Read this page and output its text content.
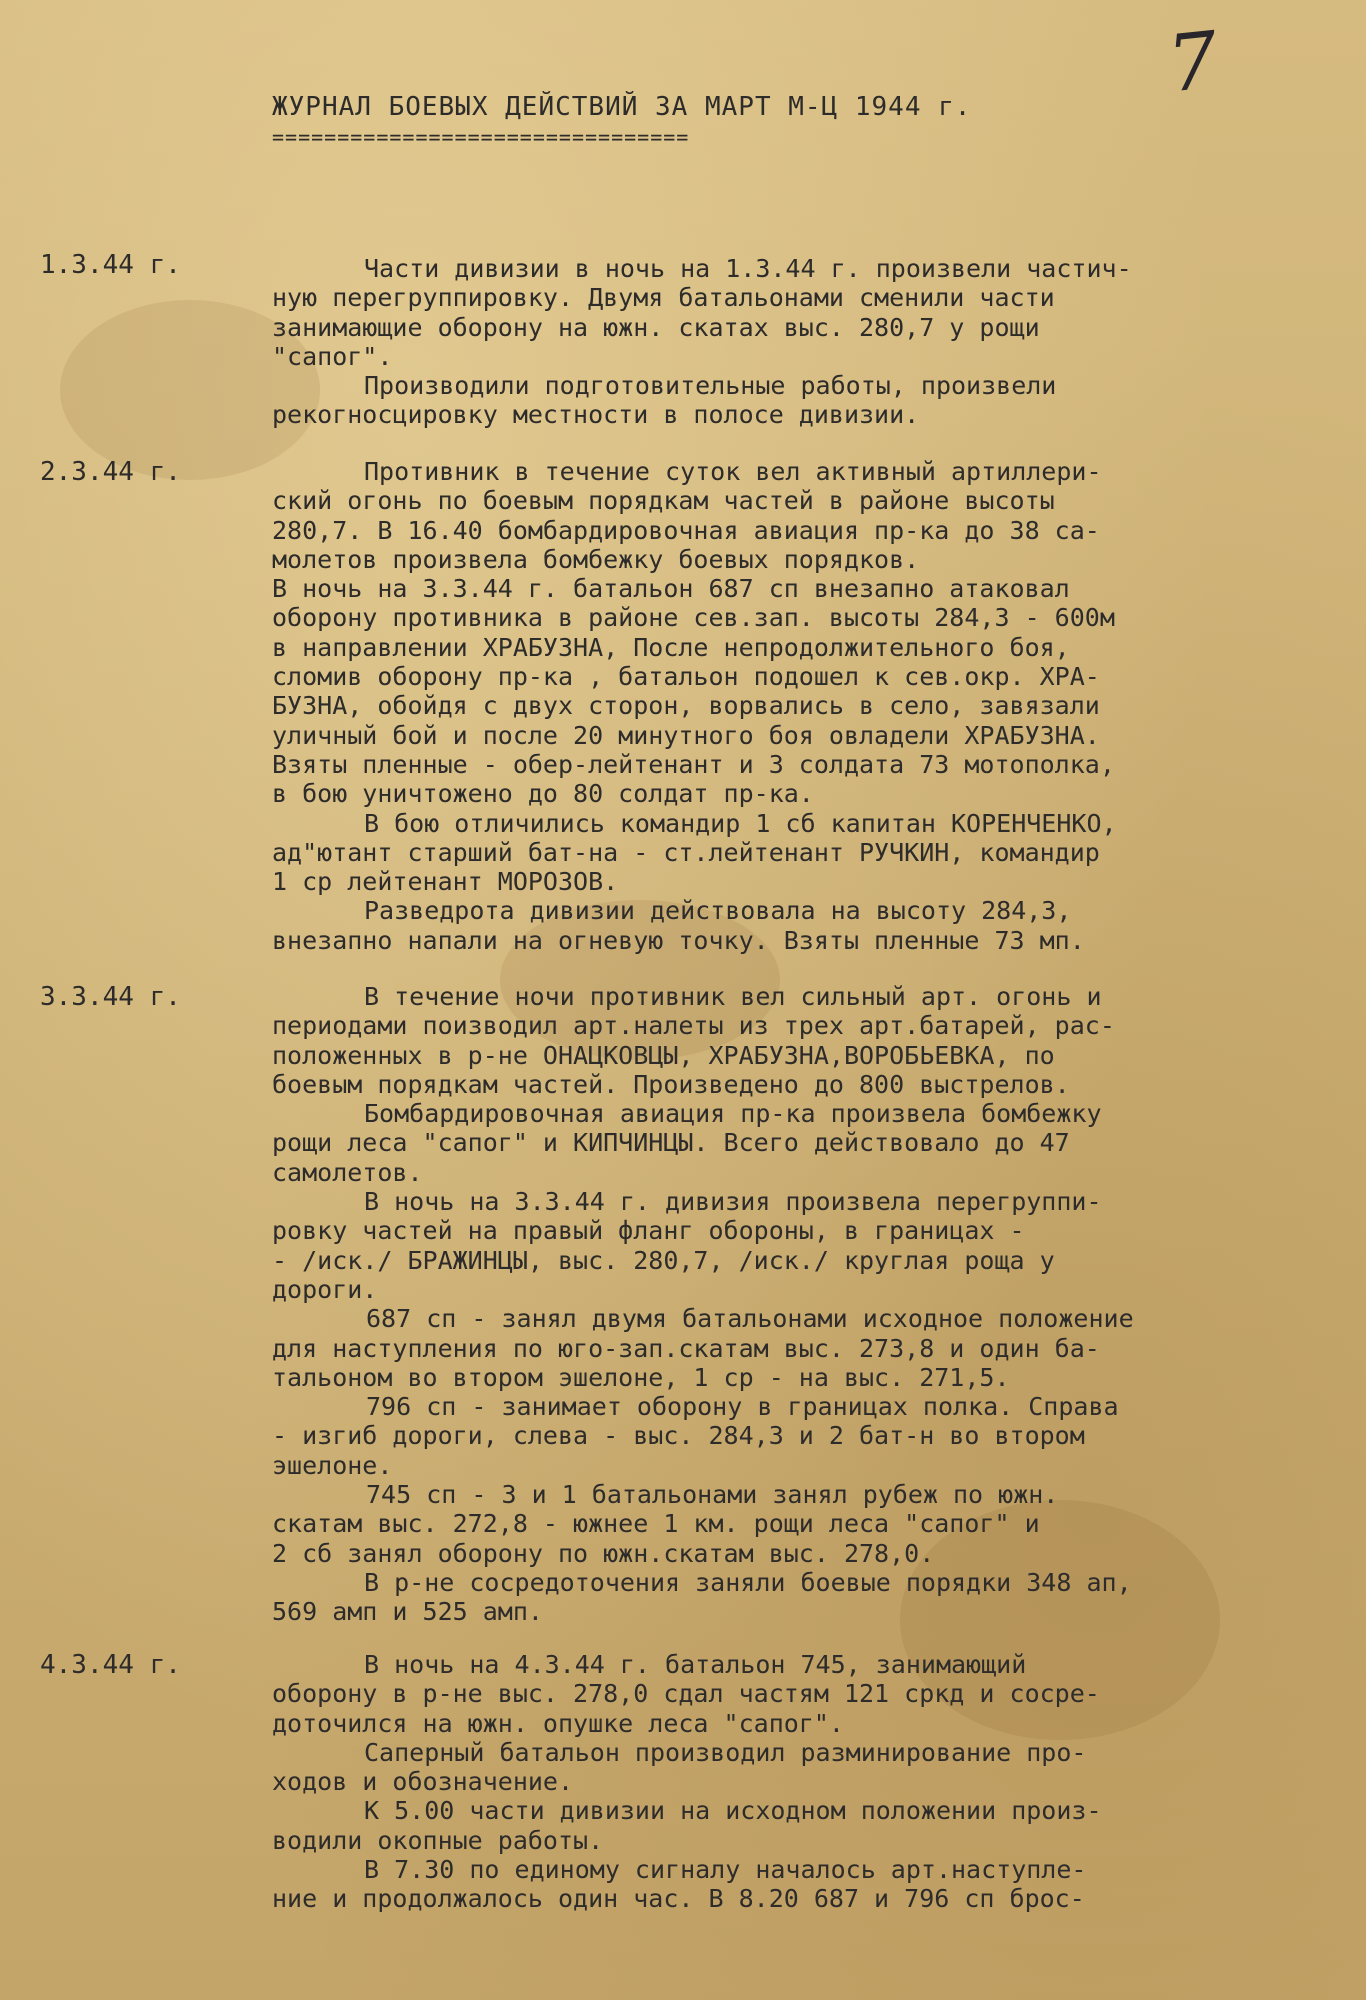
7
ЖУРНАЛ БОЕВЫХ ДЕЙСТВИЙ ЗА МАРТ М-Ц 1944 г.
================================
1.3.44 г.	Части дивизии в ночь на 1.3.44 г. произвели частич-
ную перегруппировку. Двумя батальонами сменили части
занимающие оборону на южн. скатах выс. 280,7 у рощи
"сапог".
Производили подготовительные работы, произвели
рекогносцировку местности в полосе дивизии.
2.3.44 г.	Противник в течение суток вел активный артиллери-
ский огонь по боевым порядкам частей в районе высоты
280,7. В 16.40 бомбардировочная авиация пр-ка до 38 са-
молетов произвела бомбежку боевых порядков.
В ночь на 3.3.44 г. батальон 687 сп внезапно атаковал
оборону противника в районе сев.зап. высоты 284,3 - 600м
в направлении ХРАБУЗНА, После непродолжительного боя,
сломив оборону пр-ка , батальон подошел к сев.окр. ХРА-
БУЗНА, обойдя с двух сторон, ворвались в село, завязали
уличный бой и после 20 минутного боя овладели ХРАБУЗНА.
Взяты пленные - обер-лейтенант и 3 солдата 73 мотополка,
в бою уничтожено до 80 солдат пр-ка.
В бою отличились командир 1 сб капитан КОРЕНЧЕНКО,
ад"ютант старший бат-на - ст.лейтенант РУЧКИН, командир
1 ср лейтенант МОРОЗОВ.
Разведрота дивизии действовала на высоту 284,3,
внезапно напали на огневую точку. Взяты пленные 73 мп.
3.3.44 г.	В течение ночи противник вел сильный арт. огонь и
периодами поизводил арт.налеты из трех арт.батарей, рас-
положенных в р-не ОНАЦКОВЦЫ, ХРАБУЗНА,ВОРОБЬЕВКА, по
боевым порядкам частей. Произведено до 800 выстрелов.
Бомбардировочная авиация пр-ка произвела бомбежку
рощи леса "сапог" и КИПЧИНЦЫ. Всего действовало до 47
самолетов.
В ночь на 3.3.44 г. дивизия произвела перегруппи-
ровку частей на правый фланг обороны, в границах -
- /иск./ БРАЖИНЦЫ, выс. 280,7, /иск./ круглая роща у
дороги.
687 сп - занял двумя батальонами исходное положение
для наступления по юго-зап.скатам выс. 273,8 и один ба-
тальоном во втором эшелоне, 1 ср - на выс. 271,5.
796 сп - занимает оборону в границах полка. Справа
- изгиб дороги, слева - выс. 284,3 и 2 бат-н во втором
эшелоне.
745 сп - 3 и 1 батальонами занял рубеж по южн.
скатам выс. 272,8 - южнее 1 км. рощи леса "сапог" и
2 сб занял оборону по южн.скатам выс. 278,0.
В р-не сосредоточения заняли боевые порядки 348 ап,
569 амп и 525 амп.
4.3.44 г.	В ночь на 4.3.44 г. батальон 745, занимающий
оборону в р-не выс. 278,0 сдал частям 121 сркд и сосре-
доточился на южн. опушке леса "сапог".
Саперный батальон производил разминирование про-
ходов и обозначение.
К 5.00 части дивизии на исходном положении произ-
водили окопные работы.
В 7.30 по единому сигналу началось арт.наступле-
ние и продолжалось один час. В 8.20 687 и 796 сп брос-
